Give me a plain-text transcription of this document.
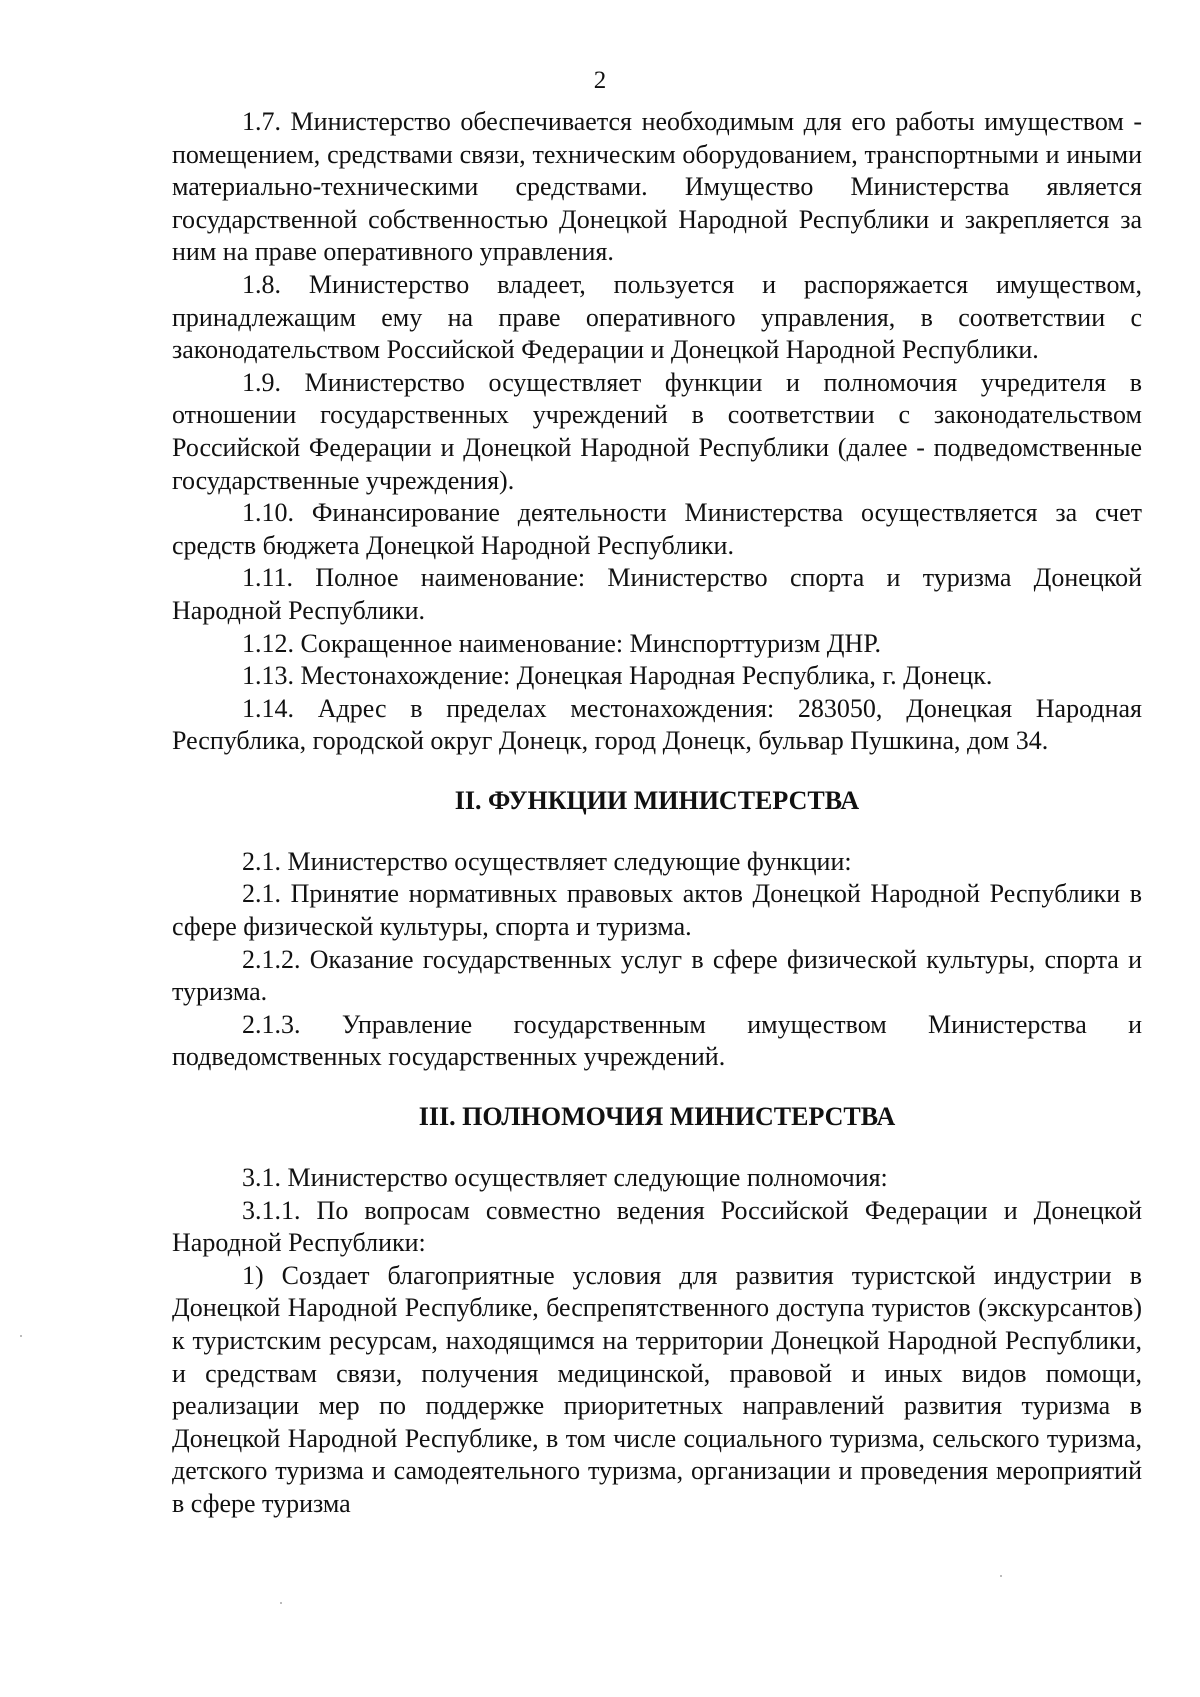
2

1.7. Министерство обеспечивается необходимым для его работы имуществом - помещением, средствами связи, техническим оборудованием, транспортными и иными материально-техническими средствами. Имущество Министерства является государственной собственностью Донецкой Народной Республики и закрепляется за ним на праве оперативного управления.

1.8. Министерство владеет, пользуется и распоряжается имуществом, принадлежащим ему на праве оперативного управления, в соответствии с законодательством Российской Федерации и Донецкой Народной Республики.

1.9. Министерство осуществляет функции и полномочия учредителя в отношении государственных учреждений в соответствии с законодательством Российской Федерации и Донецкой Народной Республики (далее - подведомственные государственные учреждения).

1.10. Финансирование деятельности Министерства осуществляется за счет средств бюджета Донецкой Народной Республики.

1.11. Полное наименование: Министерство спорта и туризма Донецкой Народной Республики.

1.12. Сокращенное наименование: Минспорттуризм ДНР.

1.13. Местонахождение: Донецкая Народная Республика, г. Донецк.

1.14. Адрес в пределах местонахождения: 283050, Донецкая Народная Республика, городской округ Донецк, город Донецк, бульвар Пушкина, дом 34.

II. ФУНКЦИИ МИНИСТЕРСТВА

2.1. Министерство осуществляет следующие функции:

2.1. Принятие нормативных правовых актов Донецкой Народной Республики в сфере физической культуры, спорта и туризма.

2.1.2. Оказание государственных услуг в сфере физической культуры, спорта и туризма.

2.1.3. Управление государственным имуществом Министерства и подведомственных государственных учреждений.

III. ПОЛНОМОЧИЯ МИНИСТЕРСТВА

3.1. Министерство осуществляет следующие полномочия:

3.1.1. По вопросам совместно ведения Российской Федерации и Донецкой Народной Республики:

1) Создает благоприятные условия для развития туристской индустрии в Донецкой Народной Республике, беспрепятственного доступа туристов (экскурсантов) к туристским ресурсам, находящимся на территории Донецкой Народной Республики, и средствам связи, получения медицинской, правовой и иных видов помощи, реализации мер по поддержке приоритетных направлений развития туризма в Донецкой Народной Республике, в том числе социального туризма, сельского туризма, детского туризма и самодеятельного туризма, организации и проведения мероприятий в сфере туризма
